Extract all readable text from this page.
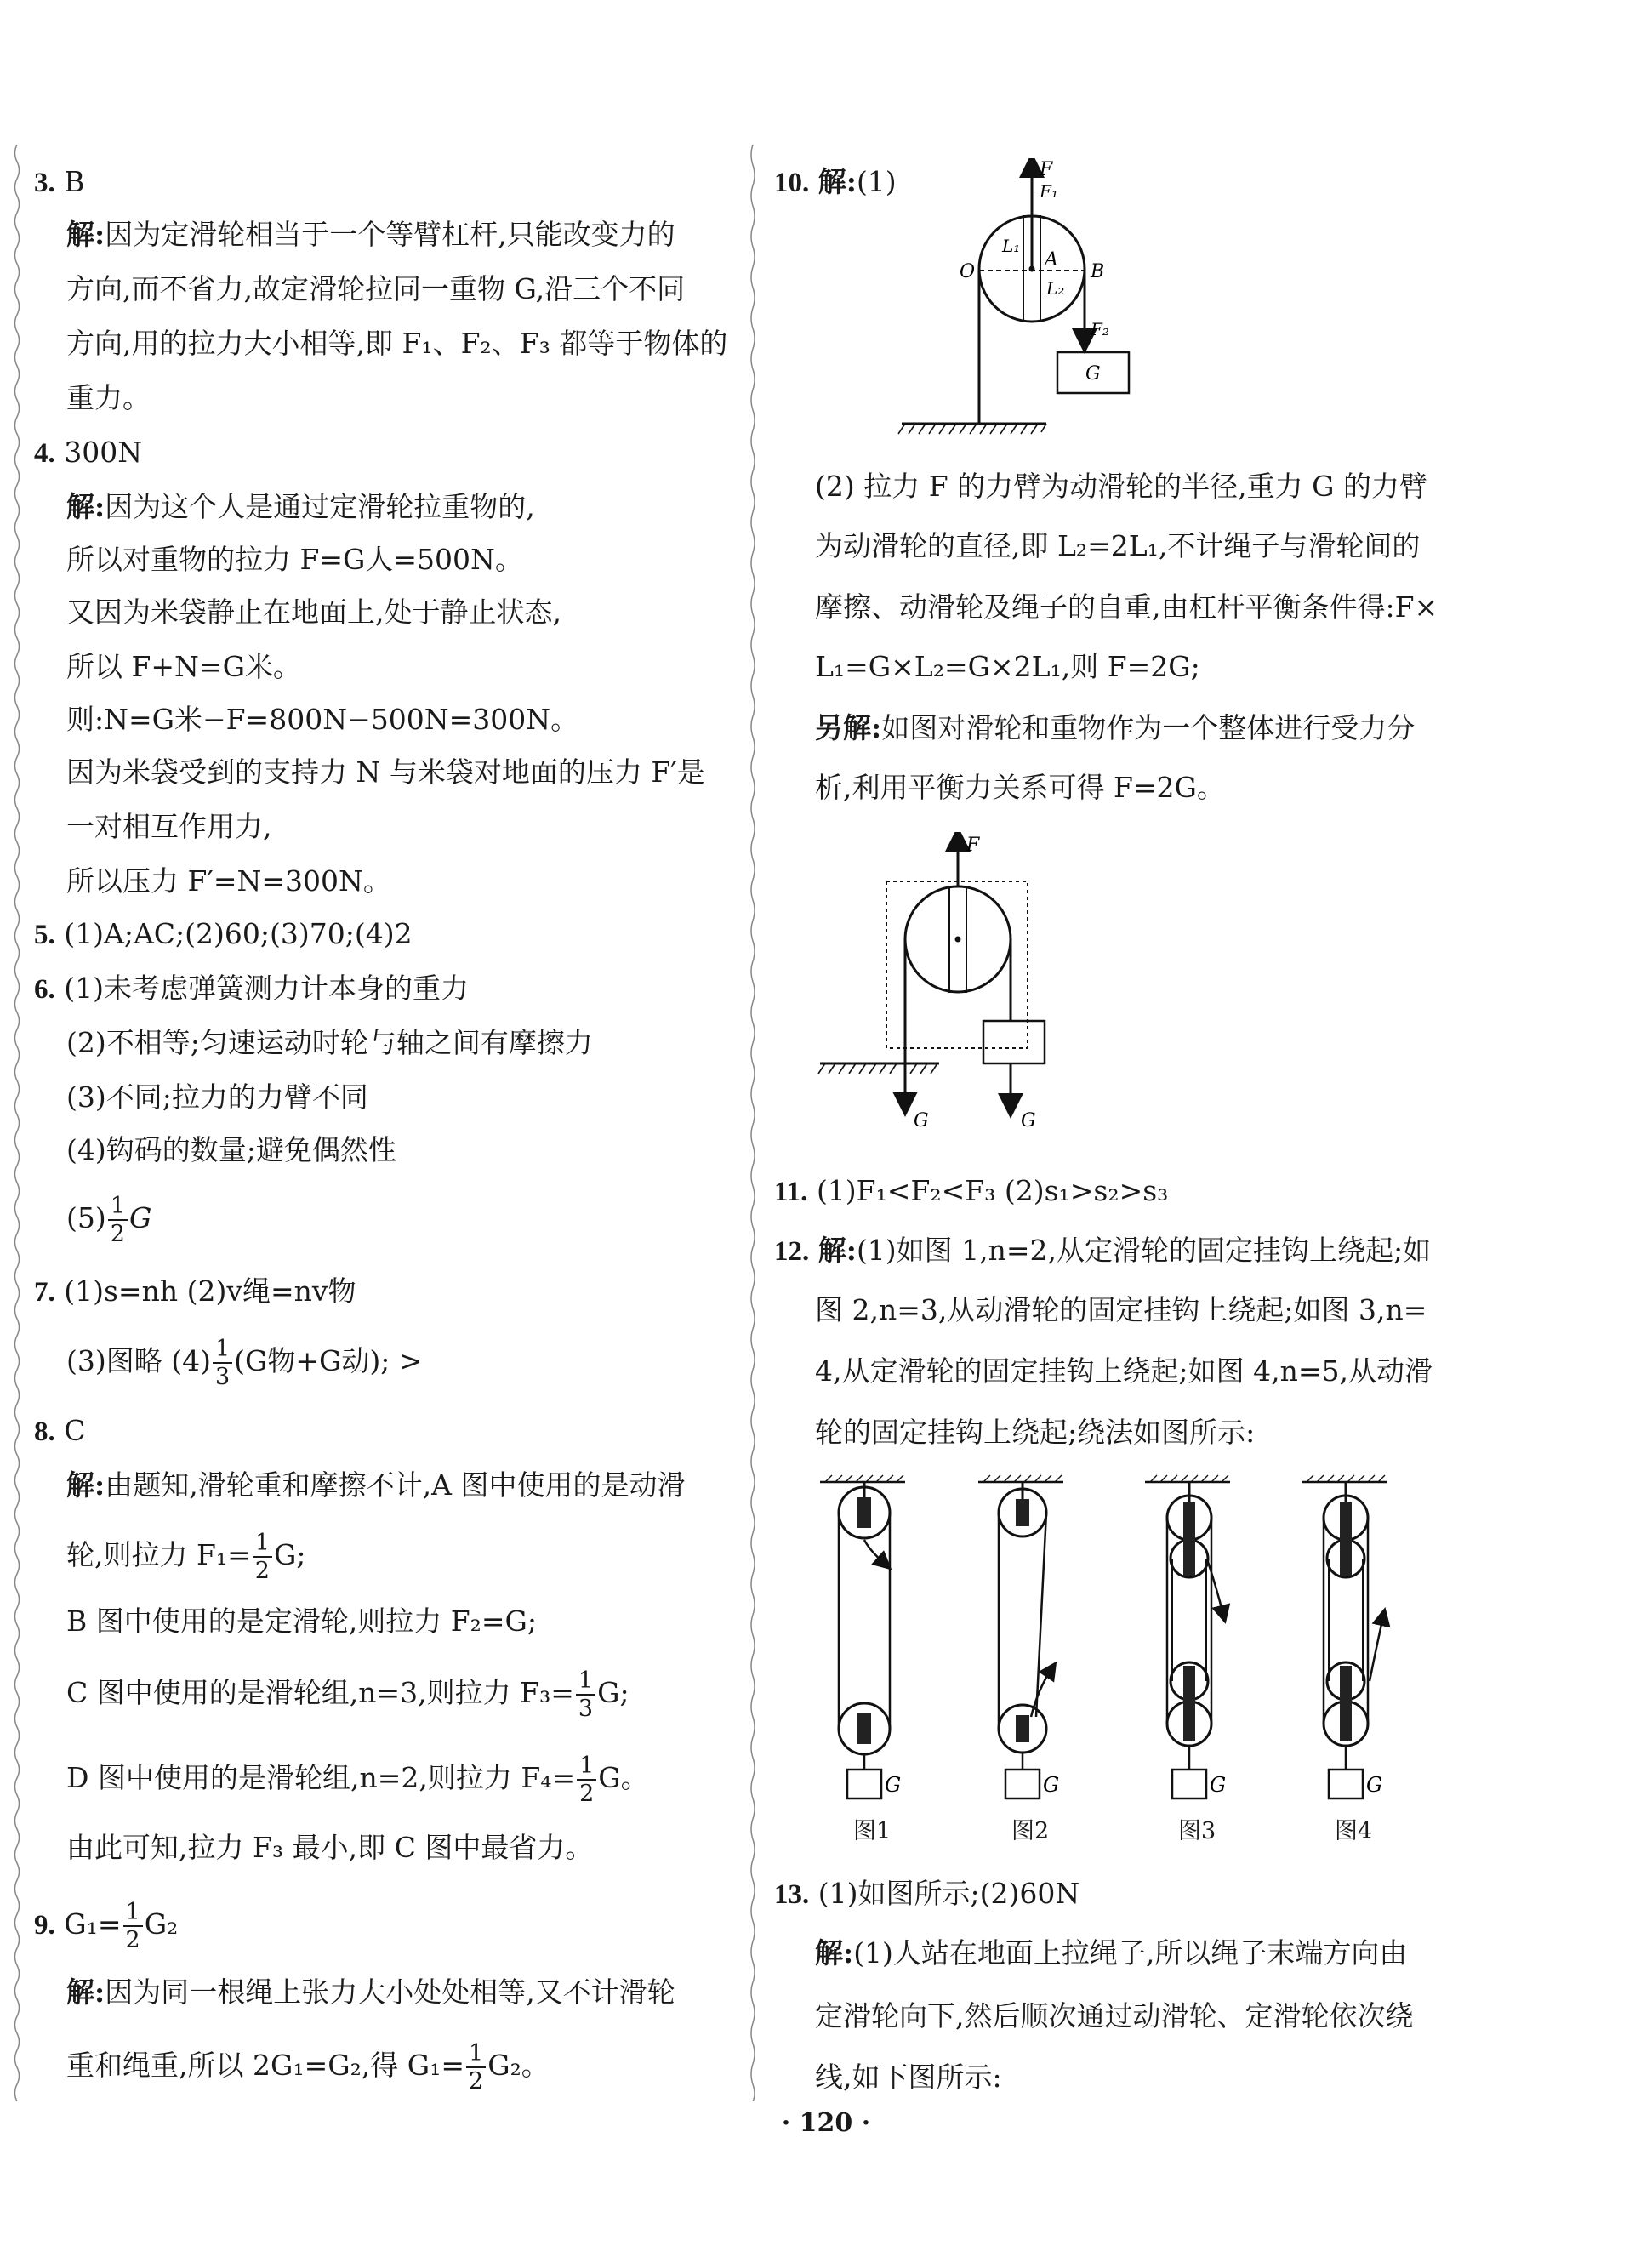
3. B
解:因为定滑轮相当于一个等臂杠杆,只能改变力的
方向,而不省力,故定滑轮拉同一重物 G,沿三个不同
方向,用的拉力大小相等,即 F₁、F₂、F₃ 都等于物体的
重力。
4. 300N
解:因为这个人是通过定滑轮拉重物的,
所以对重物的拉力 F=G人=500N。
又因为米袋静止在地面上,处于静止状态,
所以 F+N=G米。
则:N=G米−F=800N−500N=300N。
因为米袋受到的支持力 N 与米袋对地面的压力 F′是
一对相互作用力,
所以压力 F′=N=300N。
5. (1)A;AC;(2)60;(3)70;(4)2
6. (1)未考虑弹簧测力计本身的重力
(2)不相等;匀速运动时轮与轴之间有摩擦力
(3)不同;拉力的力臂不同
(4)钩码的数量;避免偶然性
$(5) \frac{1}{2}$ G
7. (1)s=nh (2)v绳=nv物
(3)图略 $(4) \frac{1}{3} (G$物+G动); >
8. C
解:由题知,滑轮重和摩擦不计,A 图中使用的是动滑
轮,则拉力 $F_1= \frac{1}{2} G$;
B 图中使用的是定滑轮,则拉力 F₂=G;
C 图中使用的是滑轮组,n=3,则拉力 $F_3= \frac{1}{3} G$;
D 图中使用的是滑轮组,n=2,则拉力 $F_4= \frac{1}{2}$ G。
由此可知,拉力 F₃ 最小,即 C 图中最省力。
9. $G_1= \frac{1}{2} G_2$
解:因为同一根绳上张力大小处处相等,又不计滑轮
重和绳重,所以 2G₁=G₂,得 $G_1= \frac{1}{2} G_2$。
10. 解:(1)	F
F₁
L₁
L₂
O
A
B
F₂
G
(2) 拉力 F 的力臂为动滑轮的半径,重力 G 的力臂
为动滑轮的直径,即 L₂=2L₁,不计绳子与滑轮间的
摩擦、动滑轮及绳子的自重,由杠杆平衡条件得:F×
L₁=G×L₂=G×2L₁,则 F=2G;
另解:如图对滑轮和重物作为一个整体进行受力分
析,利用平衡力关系可得 F=2G。
F
G	G
11. (1)F₁<F₂<F₃ (2)s₁>s₂>s₃
12. 解:(1)如图 1,n=2,从定滑轮的固定挂钩上绕起;如
图 2,n=3,从动滑轮的固定挂钩上绕起;如图 3,n=
4,从定滑轮的固定挂钩上绕起;如图 4,n=5,从动滑
轮的固定挂钩上绕起;绕法如图所示:
G	G	G	G
图1	图2	图3	图4
13. (1)如图所示;(2)60N
解:(1)人站在地面上拉绳子,所以绳子末端方向由
定滑轮向下,然后顺次通过动滑轮、定滑轮依次绕
线,如下图所示:
· 120 ·
